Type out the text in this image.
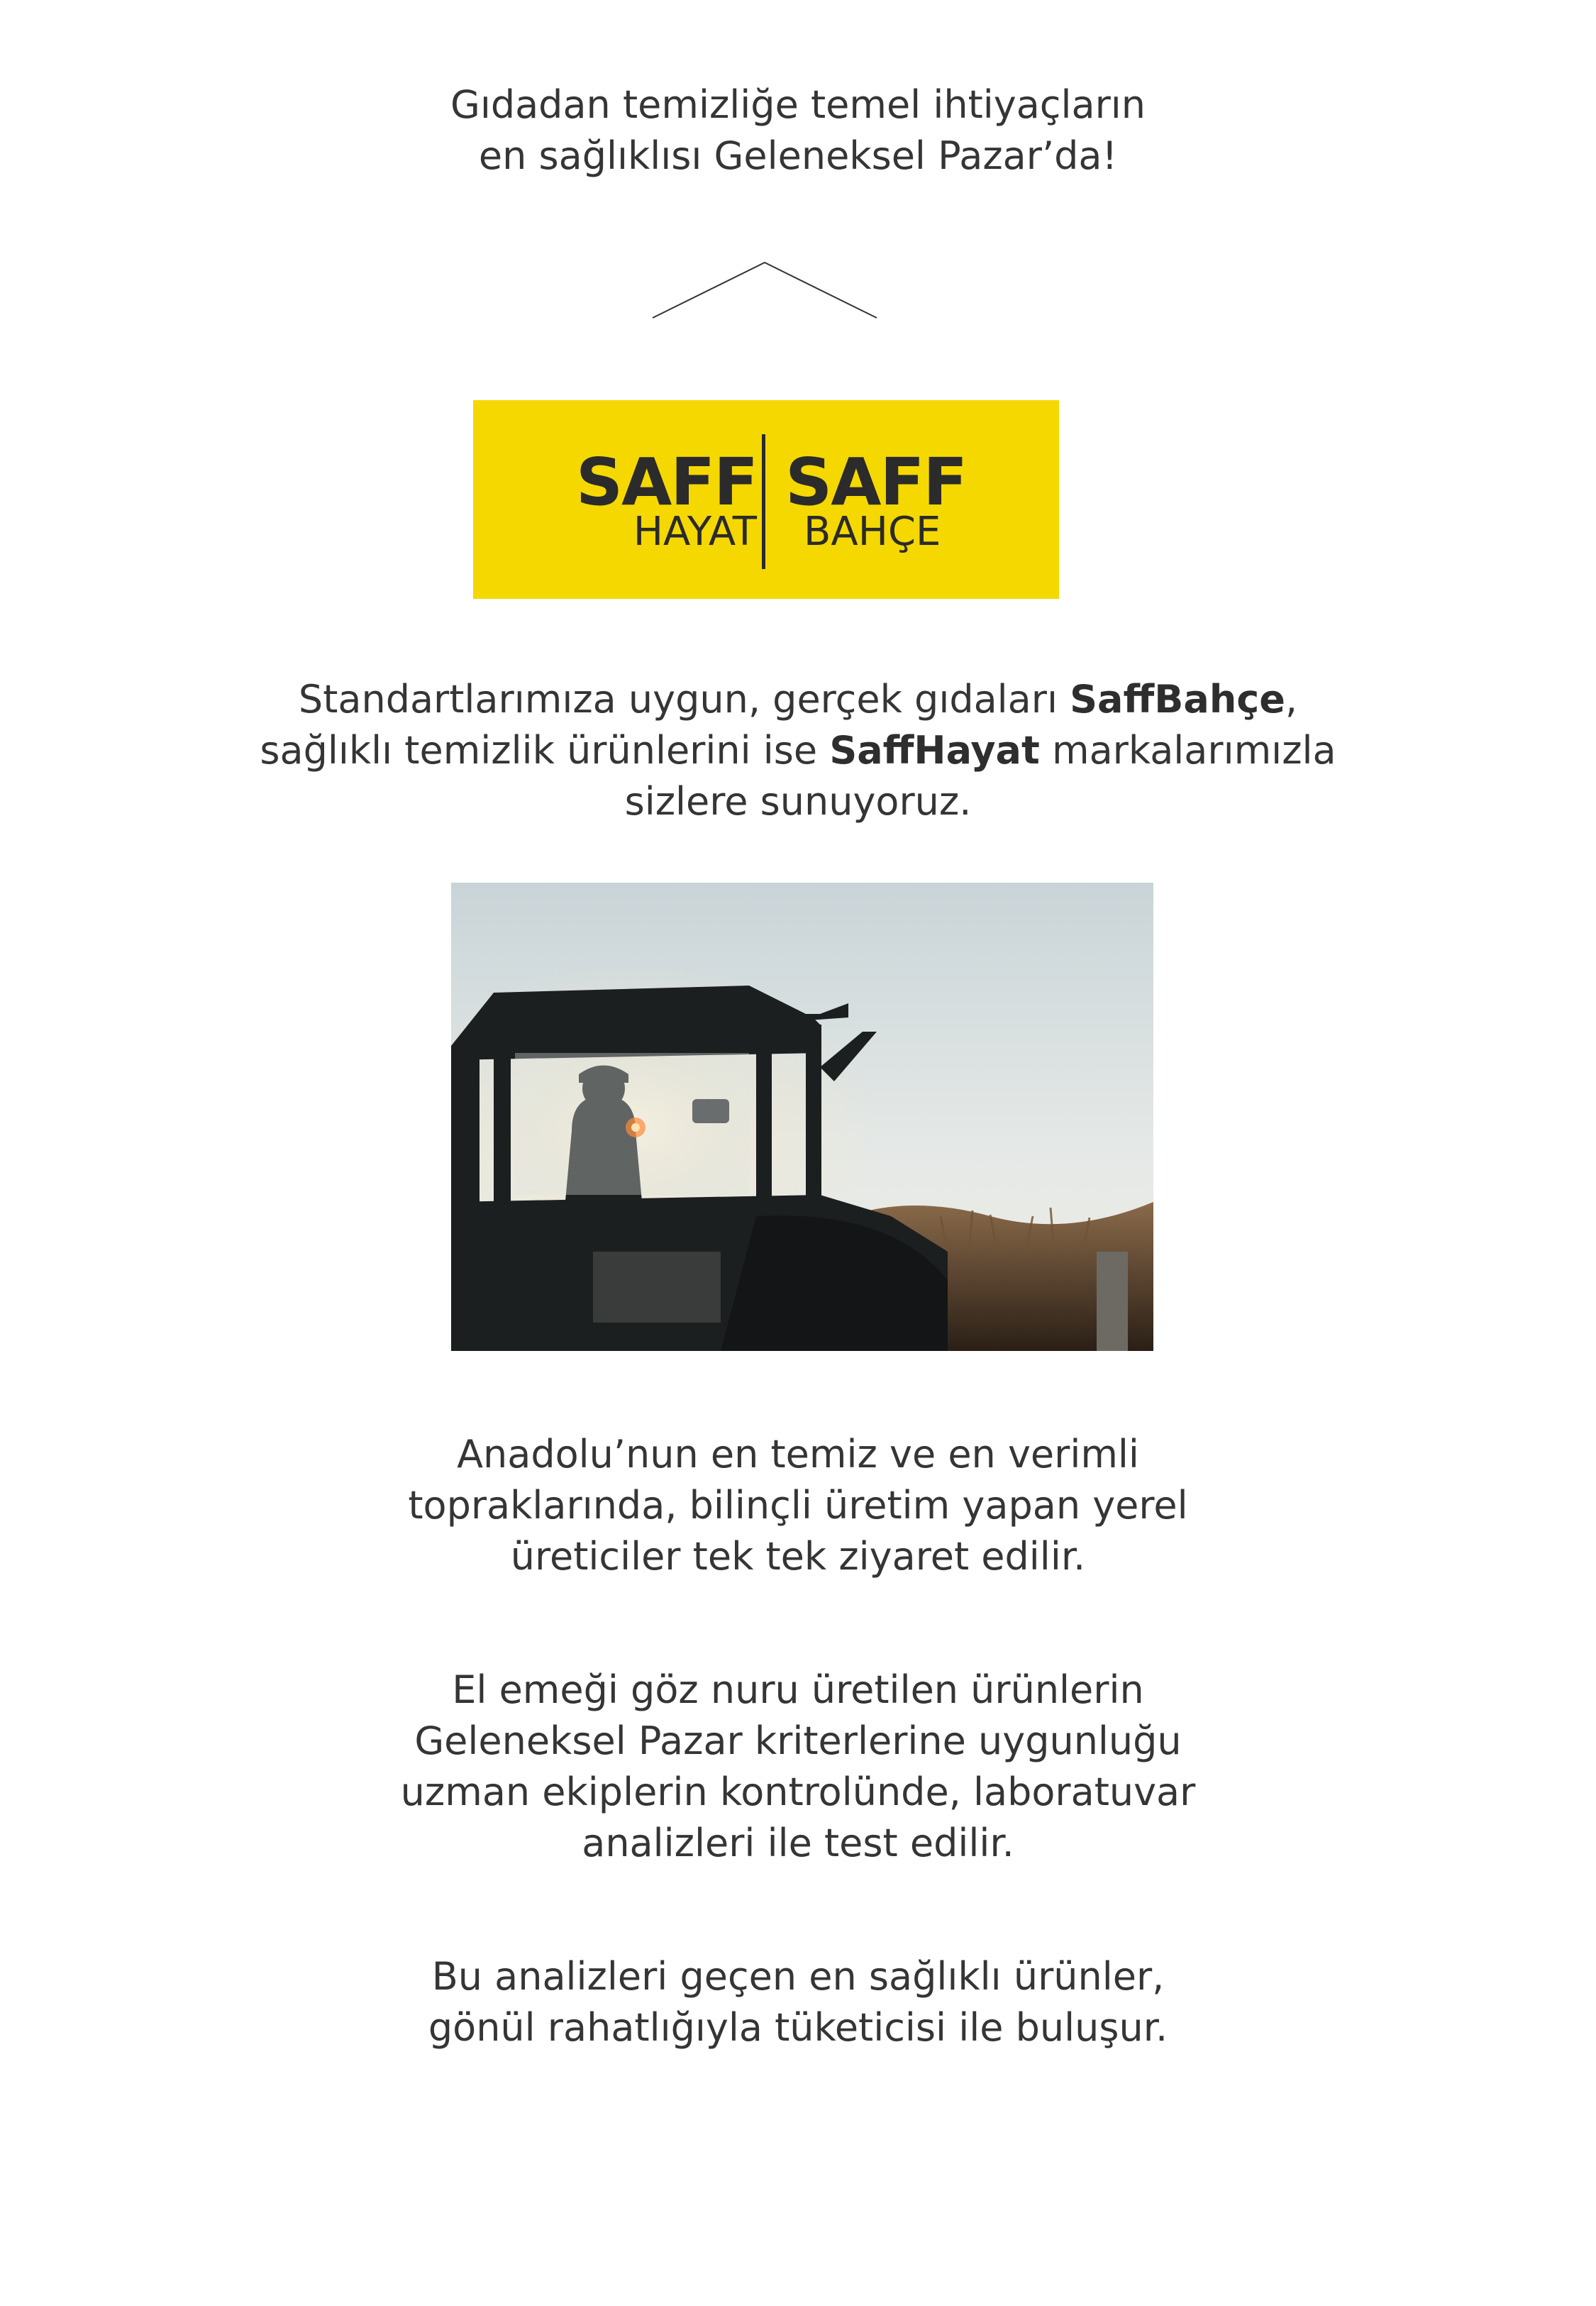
Gıdadan temizliğe temel ihtiyaçların
en sağlıklısı Geleneksel Pazar’da!
SAFF
HAYAT
SAFF
BAHÇE
Standartlarımıza uygun, gerçek gıdaları SaffBahçe,
sağlıklı temizlik ürünlerini ise SaffHayat markalarımızla
sizlere sunuyoruz.
Anadolu’nun en temiz ve en verimli
topraklarında, bilinçli üretim yapan yerel
üreticiler tek tek ziyaret edilir.
El emeği göz nuru üretilen ürünlerin
Geleneksel Pazar kriterlerine uygunluğu
uzman ekiplerin kontrolünde, laboratuvar
analizleri ile test edilir.
Bu analizleri geçen en sağlıklı ürünler,
gönül rahatlığıyla tüketicisi ile buluşur.
